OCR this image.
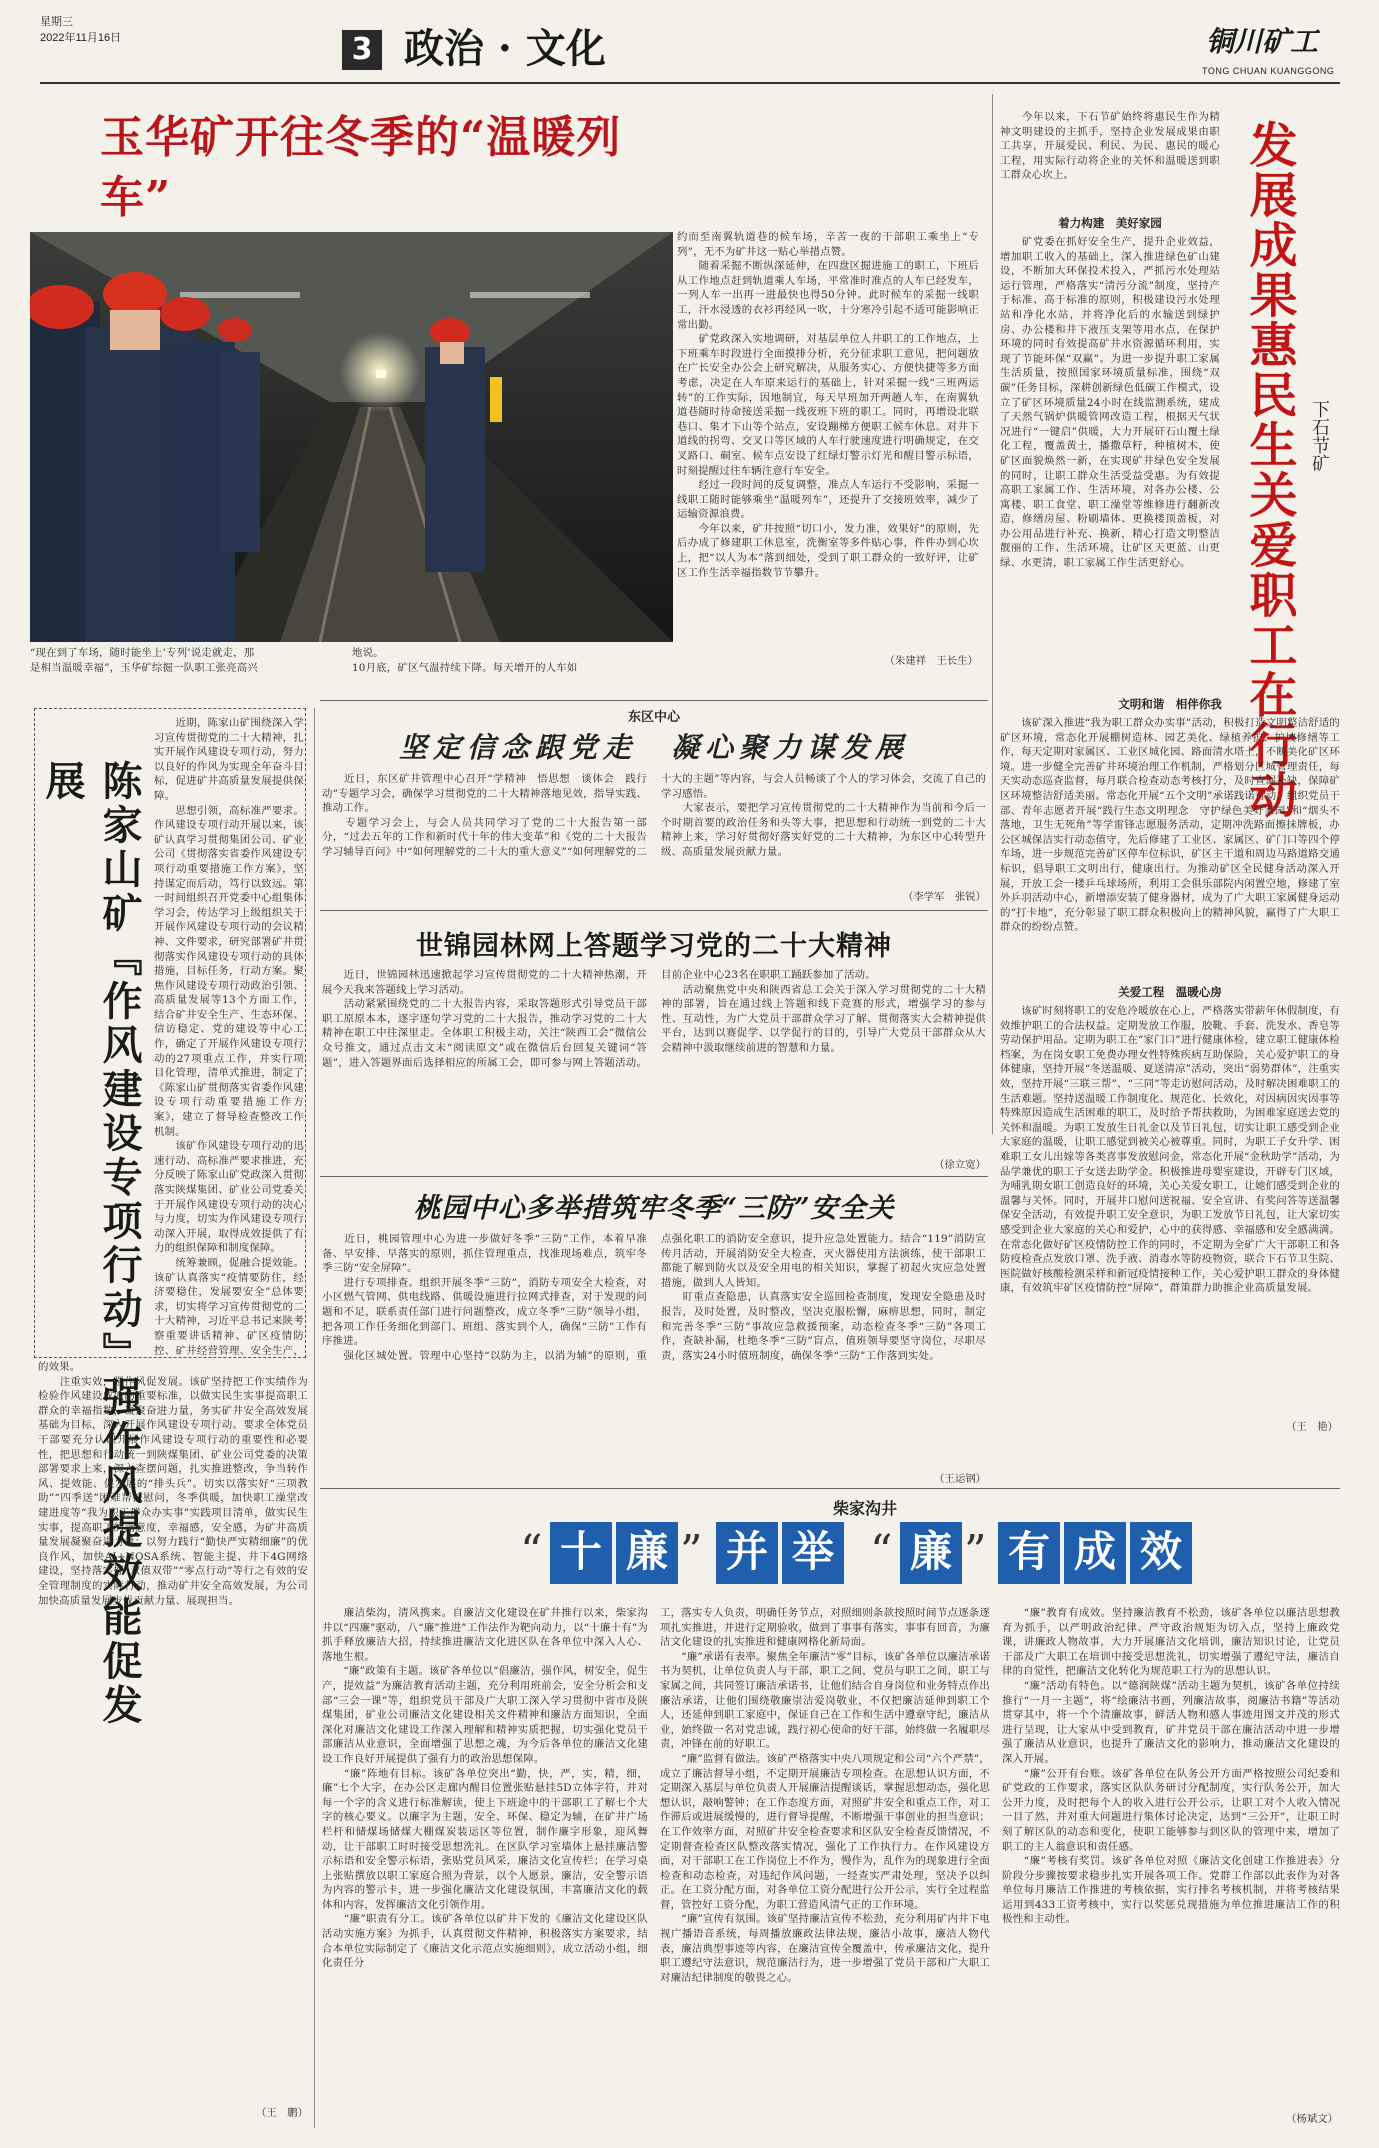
星期三
2022年11月16日	3 政治 · 文化	铜川矿工
TONG CHUAN KUANGGONG
玉华矿开往冬季的“温暖列车”
“现在到了车场，随时能坐上‘专列’说走就走，那
是相当温暖幸福”，玉华矿综掘一队职工张亮高兴
地说。
10月底，矿区气温持续下降。每天增开的人车如
约而至南翼轨道巷的候车场，辛苦一夜的干部职工乘坐上“专列”，无不为矿井这一贴心举措点赞。
　　随着采掘不断纵深延伸，在四盘区掘进施工的职工，下班后从工作地点赶到轨道乘人车场，平常准时准点的人车已经发车，一列人车一出再一进最快也得50分钟。此时候车的采掘一线职工，汗水浸透的衣衫再经风一吹，十分寒冷引起不适可能影响正常出勤。
　　矿党政深入实地调研，对基层单位人井职工的工作地点，上下班乘车时段进行全面摸排分析，充分征求职工意见，把问题放在广长安全办公会上研究解决，从服务实心、方便快捷等多方面考虑，决定在人车原来运行的基础上，针对采掘一线“三班两运转”的工作实际，因地制宜，每天早班加开两趟人车，在南翼轨道巷随时待命接送采掘一线夜班下班的职工。同时，再增设北联巷口、集才下山等个站点，安设蹦梯方便职工候车休息。对井下道线的拐弯、交叉口等区域的人车行驶速度进行明确规定，在交叉路口、硐室、候车点安设了红绿灯警示灯光和醒目警示标语，时刻提醒过往车辆注意行车安全。
　　经过一段时间的反复调整，准点人车运行不受影响，采掘一线职工随时能够乘坐“温暖列车”，还提升了交接班效率，减少了运输资源浪费。
　　今年以来，矿井按照“切口小，发力准，效果好”的原则，先后办成了修建职工休息室，洗衡室等多件贴心事，件件办到心坎上，把“以人为本”落到细处，受到了职工群众的一致好评，让矿区工作生活幸福指数节节攀升。
（朱建祥　王长生）
　　今年以来，下石节矿始终将惠民生作为精神文明建设的主抓手，坚持企业发展成果由职工共享，开展爱民、利民、为民、惠民的暖心工程，用实际行动将企业的关怀和温暖送到职工群众心坎上。
着力构建　美好家园
　　矿党委在抓好安全生产，提升企业效益，增加职工收入的基础上，深入推进绿色矿山建设，不断加大环保投术投入，严抓污水处理站运行管理，严格落实“清污分流”制度，坚持产于标准、高于标准的原则，积极建设污水处理站和净化水站，并将净化后的水输送到绿护房、办公楼和井下液压支架等用水点，在保护环境的同时有效提高矿井水资源循环利用，实现了节能环保“双赢”。为进一步提升职工家属生活质量，按照国家环境质量标准，围绕“双碳”任务目标，深耕创新绿色低碳工作模式，设立了矿区环境质量24小时在线监测系统，建成了天然气锅炉供暖管网改造工程，根据天气状况进行“一键启”供暖，大力开展矸石山覆土绿化工程，覆盖黄土，播撒草籽，种植树木，使矿区面貌焕然一新，在实现矿井绿色安全发展的同时，让职工群众生活受益受惠。为有效提高职工家属工作、生活环境，对各办公楼、公寓楼、职工食堂、职工澡堂等维修进行翻新改造，修缮房屋、粉刷墙体、更换楼顶盖板，对办公用品进行补充、换新，精心打造文明整洁靓丽的工作、生活环境，让矿区天更蓝、山更绿、水更清，职工家属工作生活更舒心。
发展成果惠民生
关爱职工在行动
下石节矿
文明和谐　相伴你我
　　该矿深入推进“我为职工群众办实事”活动，积极打造文明整洁舒适的矿区环境，常态化开展棚树造林、园艺美化、绿植养护、护坡修缮等工作，每天定期对家属区、工业区城化园、路面清水塔土，不断美化矿区环境。进一步健全完善矿井环境治理工作机制，严格划分区城管理责任，每天实动态巡查监督，每月联合检查动态考核打分，及时查漏补缺，保障矿区环境整洁舒适美丽。常态化开展“五个文明”承诺践诺行动，组织党员干部、青年志愿者开展“践行生态文明理念　守护绿色美好家园”和“烟头不落地，卫生无死角”等学雷锋志愿服务活动，定期冲洗路面擦抹牌板，办公区城保洁实行动态值守，先后修建了工业区、家属区、矿门口等四个停车场，进一步规范完善矿区停车位标识，矿区主干道和周边马路道路交通标识，倡导职工文明出行，健康出行。为推动矿区全民健身活动深入开展，开放工会一楼乒乓球场所，利用工会俱乐部院内闲置空地，修建了室外乒羽活动中心，新增添安装了健身器材，成为了广大职工家属健身运动的“打卡地”，充分彰显了职工群众积极向上的精神风貌，赢得了广大职工群众的纷纷点赞。
关爱工程　温暖心房
　　该矿时刻将职工的安危冷暖放在心上，严格落实带薪年休假制度，有效维护职工的合法权益。定期发放工作服，胶靴、手套、洗发水、香皂等劳动保护用品。定期为职工在“家门口”进行健康体检，建立职工健康体检档案，为在岗女职工免费办理女性特殊疾病互助保险，关心爱护职工的身体健康，坚持开展“冬送温暖、夏送清凉”活动，突出“弱势群体”，注重实效，坚持开展“三联三帮”、“三同”等走访慰问活动，及时解决困难职工的生活难题。坚持送温暖工作制度化、规范化、长效化，对因病因灾因事等特殊原因造成生活困难的职工，及时给予帮扶救助，为困难家庭送去党的关怀和温暖。为职工发放生日礼金以及节日礼包，切实让职工感受到企业大家庭的温暖，让职工感觉到被关心被尊重。同时，为职工子女升学、困难职工女儿出嫁等各类喜事发放慰问金，常态化开展“金秋助学”活动，为品学兼优的职工子女送去助学金。积极推进母婴室建设，开辟专门区域，为哺乳期女职工创造良好的环境，关心关爱女职工，让她们感受到企业的温馨与关怀。同时，开展井口慰问送祝福、安全宣讲、有奖问答等送温馨保安全活动，有效提升职工安全意识，为职工发放节日礼包，让大家切实感受到企业大家庭的关心和爱护，心中的获得感、幸福感和安全感满满。在常态化做好矿区疫情防控工作的同时，不定期为全矿广大干部职工和各防疫检查点发放口罩、洗手液、消毒水等防疫物资，联合下石节卫生院、医院做好核酸检测采样和新冠疫情接种工作，关心爱护职工群众的身体健康，有效筑牢矿区疫情防控“屏障”，群策群力助推企业高质量发展。
（王　艳）
陈家山矿『作风建设专项行动』强作风提效能促发展
　　近期，陈家山矿围绕深入学习宣传贯彻党的二十大精神，扎实开展作风建设专项行动，努力以良好的作风为实现全年奋斗目标，促进矿井高质量发展提供保障。
　　思想引领，高标准严要求。作风建设专项行动开展以来，该矿认真学习贯彻集团公司、矿业公司《贯彻落实省委作风建设专项行动重要措施工作方案》，坚持谋定而后动，笃行以致远。第一时间组织召开党委中心组集体学习会，传达学习上级组织关于开展作风建设专项行动的会议精神、文件要求，研究部署矿井贯彻落实作风建设专项行动的具体措施，目标任务，行动方案。聚焦作风建设专项行动政治引领、高质量发展等13个方面工作，结合矿井安全生产、生态环保、信访稳定、党的建设等中心工作，确定了开展作风建设专项行动的27项重点工作，并实行项目化管理，清单式推进，制定了《陈家山矿贯彻落实省委作风建设专项行动重要措施工作方案》，建立了督导检查整改工作机制。
　　该矿作风建设专项行动的迅速行动、高标准严要求推进，充分反映了陈家山矿党政深入贯彻落实陕煤集团、矿业公司党委关于开展作风建设专项行动的决心与力度，切实为作风建设专项行动深入开展，取得成效提供了有力的组织保障和制度保障。
　　统筹兼顾，促融合提效能。该矿认真落实“疫情要防住，经济要稳住，发展要安全”总体要求，切实将学习宣传贯彻党的二十大精神，习近平总书记来陕考察重要讲话精神、矿区疫情防控、矿井经营管理、安全生产，

的效果。
　　注重实效，强作风促发展。该矿坚持把工作实绩作为检验作风建设成效的重要标准，以做实民生实事提高职工群众的幸福指数，凝聚奋进力量，务实矿井安全高效发展基础为目标，深入开展作风建设专项行动。要求全体党员干部要充分认识开展作风建设专项行动的重要性和必要性，把思想和行动统一到陕煤集团、矿业公司党委的决策部署要求上来，深入查摆问题，扎实推进整改，争当转作风、提效能、促发展的“排头兵”。切实以落实好“三项教助”“四季送”困难帮扶慰问，冬季供暖，加快职工澡堂改建进度等“我为职工群众办实事”实践项目清单，做实民生实事，提高职工的满意度，幸福感，安全感，为矿井高质量发展凝聚奋进力量；以努力践行“勤快严实精细廉”的优良作风，加快AI+NOSA系统、智能主提、井下4G网络建设，坚持落实好“双值双带”“零点行动”等行之有效的安全管理制度的实际行动，推动矿井安全高效发展，为公司加快高质量发展步伐贡献力量、展现担当。
（王　鹏）
东区中心
坚定信念跟党走　凝心聚力谋发展
　　近日，东区矿井管理中心召开“学精神　悟思想　谈体会　践行动”专题学习会，确保学习贯彻党的二十大精神落地见效，指导实践、推动工作。
　　专题学习会上，与会人员共同学习了党的二十大报告第一部分，“过去五年的工作和新时代十年的伟大变革”和《党的二十大报告学习辅导百问》中“如何理解党的二十大的重大意义”“如何理解党的二十大的主题”等内容，与会人员畅谈了个人的学习体会，交流了自己的学习感悟。
　　大家表示，要把学习宣传贯彻党的二十大精神作为当前和今后一个时期首要的政治任务和头等大事，把思想和行动统一到党的二十大精神上来，学习好贯彻好落实好党的二十大精神，为东区中心转型升级、高质量发展贡献力量。
（李学军　张锐）
世锦园林网上答题学习党的二十大精神
　　近日，世锦园林迅速掀起学习宣传贯彻党的二十大精神热潮，开展今天我来答题线上学习活动。
　　活动紧紧围绕党的二十大报告内容，采取答题形式引导党员干部职工原原本本，逐字逐句学习党的二十大报告，推动学习党的二十大精神在职工中往深里走。全体职工积极主动，关注“陕西工会”微信公众号推文，通过点击文末“阅读原文”或在微信后台回复关键词“答题”，进入答题界面后选择相应的所属工会，即可参与网上答题活动。目前企业中心23名在职职工踊跃参加了活动。
　　活动聚焦党中央和陕西省总工会关于深入学习贯彻党的二十大精神的部署，旨在通过线上答题和线下竞赛的形式，增强学习的参与性、互动性，为广大党员干部群众学习了解、贯彻落实大会精神提供平台，达到以赛促学、以学促行的目的，引导广大党员干部群众从大会精神中汲取继续前进的智慧和力量。
（徐立宽）
桃园中心多举措筑牢冬季“三防”安全关
　　近日，桃园管理中心为进一步做好冬季“三防”工作，本着早准备、早安排、早落实的原则，抓住管理重点，找准现场难点，筑牢冬季三防“安全屏障”。
　　进行专项排查。组织开展冬季“三防”，消防专项安全大检查，对小区燃气管网、供电线路、供暖设施进行拉网式排查，对于发现的问题和不足，联系责任部门进行问题整改，成立冬季“三防”领导小组，把各项工作任务细化到部门、班组、落实到个人，确保“三防”工作有序推进。
　　强化区城处置。管理中心坚持“以防为主，以消为辅”的原则，重点强化职工的消防安全意识，提升应急处置能力。结合“119”消防宣传月活动，开展消防安全大检查，灭火器使用方法演练，使干部职工都能了解到防火以及安全用电的相关知识，掌握了初起火灾应急处置措施，做到人人皆知。
　　盯重点查隐患，认真落实安全巡回检查制度，发现安全隐患及时报告，及时处置，及时整改，坚决克服松懈，麻痹思想，同时，制定和完善冬季“三防”事故应急救援预案，动态检查冬季“三防”各项工作，查缺补漏，杜绝冬季“三防”盲点，值班领导要坚守岗位，尽职尽责，落实24小时值班制度，确保冬季“三防”工作落到实处。
（王运钢）
柴家沟井
“ 十 廉 ” 并 举 “ 廉 ” 有 成 效
　　廉洁柴沟，清风携来。自廉洁文化建设在矿井推行以来，柴家沟井以“四廉”驱动，八“廉”推进”工作法作为靶向动力，以“十廉十有”为抓手释放廉洁大招，持续推进廉洁文化进区队在各单位中深入人心、落地生根。
　　“廉”政策有主题。该矿各单位以“倡廉洁，强作风，树安全，促生产，提效益”为廉洁教育活动主题，充分利用班前会，安全分析会和支部“三会一课”等，组织党员干部及广大职工深入学习贯彻中省市及陕煤集团，矿业公司廉洁文化建设相关文件精神和廉洁方面知识，全面深化对廉洁文化建设工作深入理解和精神实质把握，切实强化党员干部廉洁从业意识，全面增强了思想之魂，为今后各单位的廉洁文化建设工作良好开展提供了强有力的政治思想保障。
　　“廉”阵地有目标。该矿各单位突出“勤，快，严，实，精，细，廉”七个大字，在办公区走廊内醒目位置张贴悬挂5D立体字符，并对每一个字的含义进行标准解读，使上下班途中的干部职工了解七个大字的核心要义。以廉字为主题，安全、环保、稳定为辅，在矿井广场栏杆和储煤场储煤大棚煤炭装运区等位置，制作廉字形象，迎风舞动，让干部职工时时接受思想洗礼。在区队学习室墙体上悬挂廉洁警示标语和安全警示标语，张贴党员风采，廉洁文化宣传栏；在学习桌上张贴撰放以职工家庭合照为背景，以个人愿景，廉洁，安全警示语为内容的警示卡，进一步强化廉洁文化建设氛围，丰富廉洁文化的载体和内容，发挥廉洁文化引领作用。
　　“廉”职责有分工。该矿各单位以矿井下发的《廉洁文化建设区队活动实施方案》为抓手，认真贯彻文件精神，积极落实方案要求，结合本单位实际制定了《廉洁文化示范点实施细则》，成立活动小组，细化责任分
工，落实专人负责，明确任务节点，对照细则条款按照时间节点逐条逐项扎实推进，并进行定期验收，做到了事事有落实，事事有回音，为廉洁文化建设的扎实推进和健康网格化新局面。
　　“廉”承诺有表率。聚焦全年廉洁“零”目标，该矿各单位以廉洁承诺书为契机，让单位负责人与干部，职工之间，党员与职工之间，职工与家属之间，共同签订廉洁承诺书，让他们结合自身岗位和业务特点作出廉洁承诺，让他们围绕敬廉崇洁爱岗敬业，不仅把廉洁延伸到职工个人，还延伸到职工家庭中，保证自己在工作和生活中遵章守纪，廉洁从业，始终做一名对党忠诚，践行初心使命的好干部，始终做一名履职尽责，冲锋在前的好职工。
　　“廉”监督有做法。该矿严格落实中央八项规定和公司“六个严禁”，成立了廉洁督导小组，不定期开展廉洁专项检查。在思想认识方面，不定期深入基层与单位负责人开展廉洁提醒谈话，掌握思想动态，强化思想认识，敲响警钟；在工作态度方面，对照矿井安全和重点工作，对工作滞后或进展缓慢的，进行督导提醒，不断增强干事创业的担当意识；在工作效率方面，对照矿井安全检查要求和区队安全检查反馈情况，不定期督查检查区队整改落实情况，强化了工作执行力。在作风建设方面，对干部职工在工作岗位上不作为，慢作为，乱作为的现象进行全面检查和动态检查，对违纪作风问题，一经查实严肃处理，坚决予以纠正。在工资分配方面，对各单位工资分配进行公开公示，实行全过程监督，管控好工资分配，为职工营造风清气正的工作环境。
　　“廉”宣传有氛围。该矿坚持廉洁宣传不松劲，充分利用矿内井下电视广播语音系统，每周播放廉政法律法规，廉洁小故事，廉洁人物代表，廉洁典型事迹等内容，在廉洁宣传全覆盖中，传承廉洁文化，提升职工遵纪守法意识，规范廉洁行为，进一步增强了党员干部和广大职工对廉洁纪律制度的敬畏之心。
　　“廉”教育有成效。坚持廉洁教育不松劲，该矿各单位以廉洁思想教育为抓手，以严明政治纪律、严守政治规矩为切入点，坚持上廉政党课，讲廉政人物故事，大力开展廉洁文化培训，廉洁知识讨论，让党员干部及广大职工在培训中接受思想洗礼，切实增强了遵纪守法，廉洁自律的自觉性，把廉洁文化转化为规范职工行为的思想认识。
　　“廉”活动有特色。以“德润陕煤”活动主题为契机，该矿各单位持续推行“一月一主题”，将“绘廉洁书画，列廉洁故事，阅廉洁书籍”等活动贯穿其中，将一个个清廉故事，鲜活人物和感人事迹用图文并茂的形式进行呈现，让大家从中受到教育，矿井党员干部在廉洁活动中进一步增强了廉洁从业意识，也提升了廉洁文化的影响力，推动廉洁文化建设的深入开展。
　　“廉”公开有台账。该矿各单位在队务公开方面严格按照公司纪委和矿党政的工作要求，落实区队队务研讨分配制度，实行队务公开，加大公开力度，及时把每个人的收入进行公开公示，让职工对个人收入情况一目了然，并对重大问题进行集体讨论决定，达到“三公开”，让职工时刻了解区队的动态和变化，使职工能够参与到区队的管理中来，增加了职工的主人翁意识和责任感。
　　“廉”考核有奖罚。该矿各单位对照《廉洁文化创建工作推进表》分阶段分步骤按要求稳步扎实开展各项工作。党群工作部以此表作为对各单位每月廉洁工作推进的考核依据，实行排名考核机制，并将考核结果运用到433工资考核中，实行以奖惩兑现措施为单位推进廉洁工作的积极性和主动性。
（杨斌文）
